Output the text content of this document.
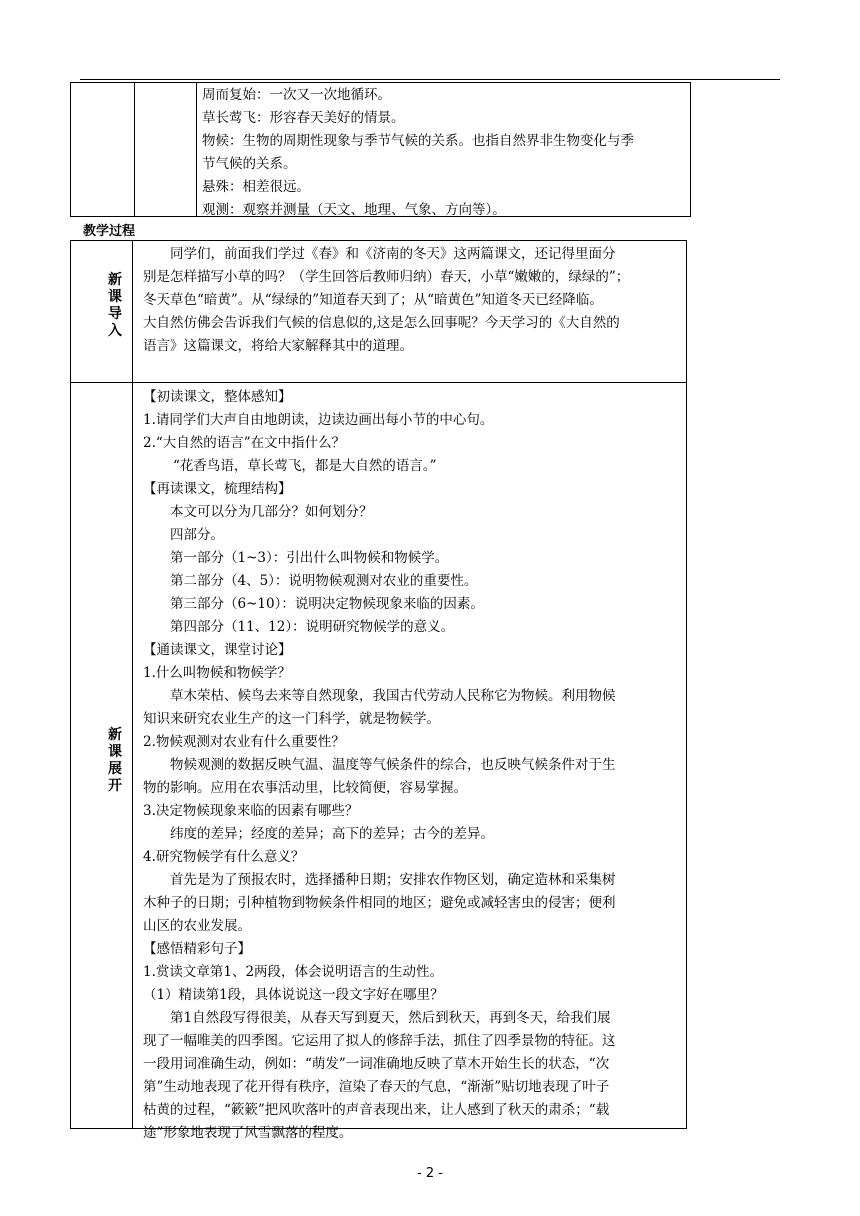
周而复始：一次又一次地循环。
草长莺飞：形容春天美好的情景。
物候：生物的周期性现象与季节气候的关系。也指自然界非生物变化与季
节气候的关系。
悬殊：相差很远。
观测：观察并测量（天文、地理、气象、方向等）。
教学过程
新
课
导
入
同学们，前面我们学过《春》和《济南的冬天》这两篇课文，还记得里面分
别是怎样描写小草的吗？（学生回答后教师归纳）春天，小草“嫩嫩的，绿绿的”；
冬天草色“暗黄”。从“绿绿的”知道春天到了；从“暗黄色”知道冬天已经降临。
大自然仿佛会告诉我们气候的信息似的,这是怎么回事呢？今天学习的《大自然的
语言》这篇课文，将给大家解释其中的道理。
新
课
展
开
【初读课文，整体感知】
1.请同学们大声自由地朗读，边读边画出每小节的中心句。
2.“大自然的语言”在文中指什么？
“花香鸟语，草长莺飞，都是大自然的语言。”
【再读课文，梳理结构】
本文可以分为几部分？如何划分？
四部分。
第一部分（1~3）：引出什么叫物候和物候学。
第二部分（4、5）：说明物候观测对农业的重要性。
第三部分（6~10）：说明决定物候现象来临的因素。
第四部分（11、12）：说明研究物候学的意义。
【通读课文，课堂讨论】
1.什么叫物候和物候学？
草木荣枯、候鸟去来等自然现象，我国古代劳动人民称它为物候。利用物候
知识来研究农业生产的这一门科学，就是物候学。
2.物候观测对农业有什么重要性？
物候观测的数据反映气温、温度等气候条件的综合，也反映气候条件对于生
物的影响。应用在农事活动里，比较简便，容易掌握。
3.决定物候现象来临的因素有哪些？
纬度的差异；经度的差异；高下的差异；古今的差异。
4.研究物候学有什么意义？
首先是为了预报农时，选择播种日期；安排农作物区划，确定造林和采集树
木种子的日期；引种植物到物候条件相同的地区；避免或减轻害虫的侵害；便利
山区的农业发展。
【感悟精彩句子】
1.赏读文章第1、2两段，体会说明语言的生动性。
（1）精读第1段，具体说说这一段文字好在哪里？
第1自然段写得很美，从春天写到夏天，然后到秋天，再到冬天，给我们展
现了一幅唯美的四季图。它运用了拟人的修辞手法，抓住了四季景物的特征。这
一段用词准确生动，例如：“萌发”一词准确地反映了草木开始生长的状态，“次
第”生动地表现了花开得有秩序，渲染了春天的气息，“渐渐”贴切地表现了叶子
枯黄的过程，“簌簌”把风吹落叶的声音表现出来，让人感到了秋天的肃杀；“载
途”形象地表现了风雪飘落的程度。
- 2 -
